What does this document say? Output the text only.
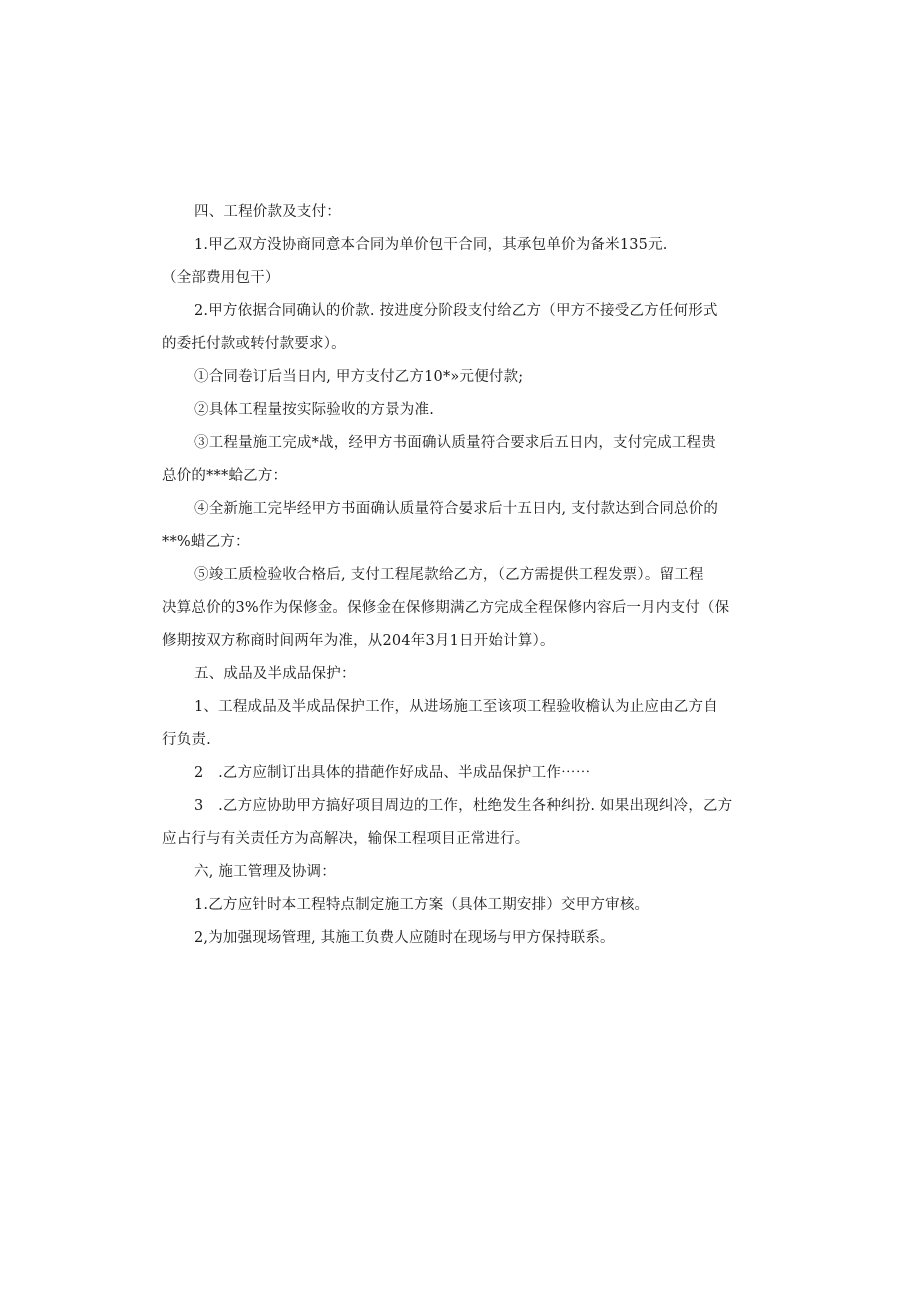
四、工程价款及支付：
1.甲乙双方没协商同意本合同为单价包干合同，其承包单价为备米135元.
（全部费用包干）
2.甲方依据合同确认的价款. 按进度分阶段支付给乙方（甲方不接受乙方任何形式
的委托付款或转付款要求）。
①合同卷订后当日内, 甲方支付乙方10*»元便付款;
②具体工程量按实际验收的方景为准.
③工程量施工完成*战，经甲方书面确认质量符合要求后五日内，支付完成工程贵
总价的***蛤乙方：
④全新施工完毕经甲方书面确认质量符合晏求后十五日内, 支付款达到合同总价的
**%蜡乙方：
⑤竣工质检验收合格后, 支付工程尾款给乙方，（乙方需提供工程发票）。留工程
决算总价的3%作为保修金。保修金在保修期满乙方完成全程保修内容后一月内支付（保
修期按双方称商时间两年为准，从204年3月1日开始计算）。
五、成品及半成品保护：
1、工程成品及半成品保护工作，从进场施工至该项工程验收檐认为止应由乙方自
行负责.
2　.乙方应制订出具体的措葩作好成品、半成品保护工作⋯⋯
3　.乙方应协助甲方搞好项目周边的工作，杜绝发生各种纠扮. 如果出现纠冷，乙方
应占行与有关责任方为高解决，输保工程项目正常进行。
六, 施工管理及协调：
1.乙方应针时本工程特点制定施工方案（具体工期安排）交甲方审核。
2,为加强现场管理, 其施工负费人应随时在现场与甲方保持联系。
